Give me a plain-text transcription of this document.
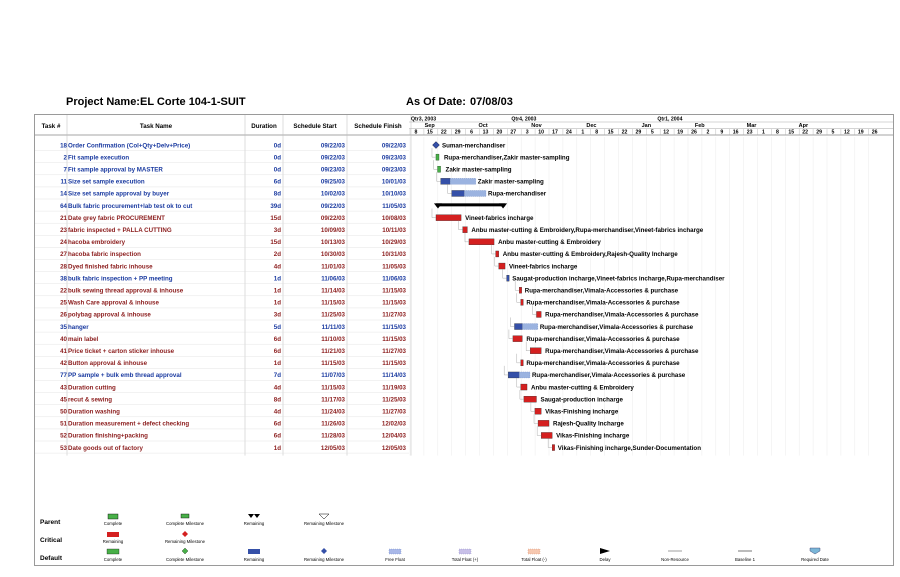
Project Name: EL Corte 104-1-SUIT	As Of Date: 07/08/03
Task #	Task Name	Duration	Schedule Start	Schedule Finish
Qtr3, 2003	Qtr4, 2003	Qtr1, 2004
Sep	Oct	Nov	Dec	Jan	Feb	Mar	Apr
8 15 22 29 6 13 20 27 3 10 17 24 1 8 15 22 29 5 12 19 26 2 9 16 23 1 8 15 22 29 5 12 19 26
18 Order Confirmation (Col+Qty+Delv+Price)	0d	09/22/03	09/22/03	Suman-merchandiser
2 Fit sample execution	0d	09/22/03	09/23/03	Rupa-merchandiser,Zakir master-sampling
7 Fit sample approval by MASTER	0d	09/23/03	09/23/03	Zakir master-sampling
11 Size set sample execution	6d	09/25/03	10/01/03	Zakir master-sampling
14 Size set sample approval by buyer	8d	10/02/03	10/10/03	Rupa-merchandiser
64 Bulk fabric procurement+lab test ok to cut	39d	09/22/03	11/05/03
21 Date grey fabric PROCUREMENT	15d	09/22/03	10/08/03	Vineet-fabrics incharge
23 fabric inspected + PALLA CUTTING	3d	10/09/03	10/11/03	Anbu master-cutting & Embroidery,Rupa-merchandiser,Vineet-fabrics incharge
24 hacoba embroidery	15d	10/13/03	10/29/03	Anbu master-cutting & Embroidery
27 hacoba fabric inspection	2d	10/30/03	10/31/03	Anbu master-cutting & Embroidery,Rajesh-Quality Incharge
28 Dyed finished fabric inhouse	4d	11/01/03	11/05/03	Vineet-fabrics incharge
38 bulk fabric inspection + PP meeting	1d	11/06/03	11/06/03	Saugat-production incharge,Vineet-fabrics incharge,Rupa-merchandiser
22 bulk sewing thread approval & inhouse	1d	11/14/03	11/15/03	Rupa-merchandiser,Vimala-Accessories & purchase
25 Wash Care approval & inhouse	1d	11/15/03	11/15/03	Rupa-merchandiser,Vimala-Accessories & purchase
26 polybag approval & inhouse	3d	11/25/03	11/27/03	Rupa-merchandiser,Vimala-Accessories & purchase
35 hanger	5d	11/11/03	11/15/03	Rupa-merchandiser,Vimala-Accessories & purchase
40 main label	6d	11/10/03	11/15/03	Rupa-merchandiser,Vimala-Accessories & purchase
41 Price ticket + carton sticker inhouse	6d	11/21/03	11/27/03	Rupa-merchandiser,Vimala-Accessories & purchase
42 Button approval & inhouse	1d	11/15/03	11/15/03	Rupa-merchandiser,Vimala-Accessories & purchase
77 PP sample + bulk emb thread approval	7d	11/07/03	11/14/03	Rupa-merchandiser,Vimala-Accessories & purchase
43 Duration cutting	4d	11/15/03	11/19/03	Anbu master-cutting & Embroidery
45 recut & sewing	8d	11/17/03	11/25/03	Saugat-production incharge
50 Duration washing	4d	11/24/03	11/27/03	Vikas-Finishing incharge
51 Duration measurement + defect checking	6d	11/26/03	12/02/03	Rajesh-Quality Incharge
52 Duration finishing+packing	6d	11/28/03	12/04/03	Vikas-Finishing incharge
53 Date goods out of factory	1d	12/05/03	12/05/03	Vikas-Finishing incharge,Sunder-Documentation
Parent
Critical
Default
Complete	Complete Milestone	Remaining	Remaining Milestone
Remaining	Remaining Milestone
Complete	Complete Milestone	Remaining	Remaining Milestone	Free Float	Total Float (+)	Total Float (-)	Delay	Non-Resource	Baseline 1	Required Date
